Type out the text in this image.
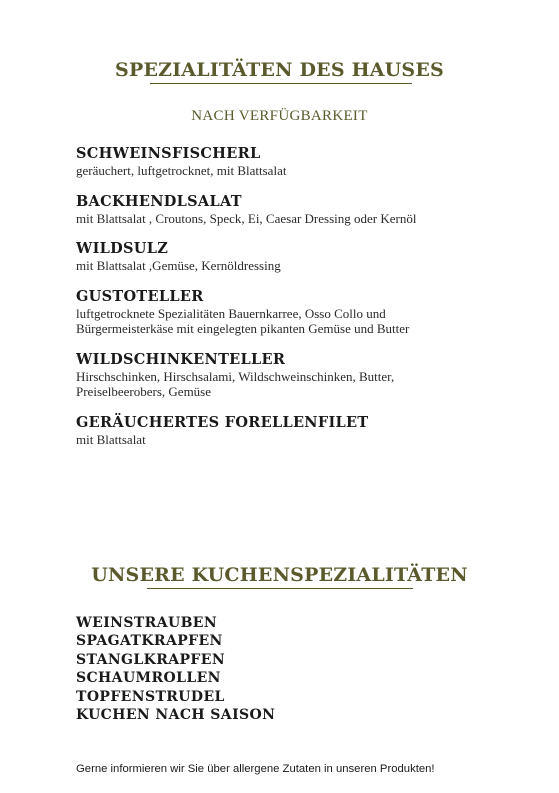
SPEZIALITÄTEN DES HAUSES
NACH VERFÜGBARKEIT
SCHWEINSFISCHERL
geräuchert, luftgetrocknet, mit Blattsalat
BACKHENDLSALAT
mit Blattsalat , Croutons, Speck, Ei, Caesar Dressing oder Kernöl
WILDSULZ
mit Blattsalat ,Gemüse, Kernöldressing
GUSTOTELLER
luftgetrocknete Spezialitäten Bauernkarree, Osso Collo und
Bürgermeisterkäse mit eingelegten pikanten Gemüse und Butter
WILDSCHINKENTELLER
Hirschschinken, Hirschsalami, Wildschweinschinken, Butter,
Preiselbeerobers, Gemüse
GERÄUCHERTES FORELLENFILET
mit Blattsalat
UNSERE KUCHENSPEZIALITÄTEN
WEINSTRAUBEN
SPAGATKRAPFEN
STANGLKRAPFEN
SCHAUMROLLEN
TOPFENSTRUDEL
KUCHEN NACH SAISON
Gerne informieren wir Sie über allergene Zutaten in unseren Produkten!
